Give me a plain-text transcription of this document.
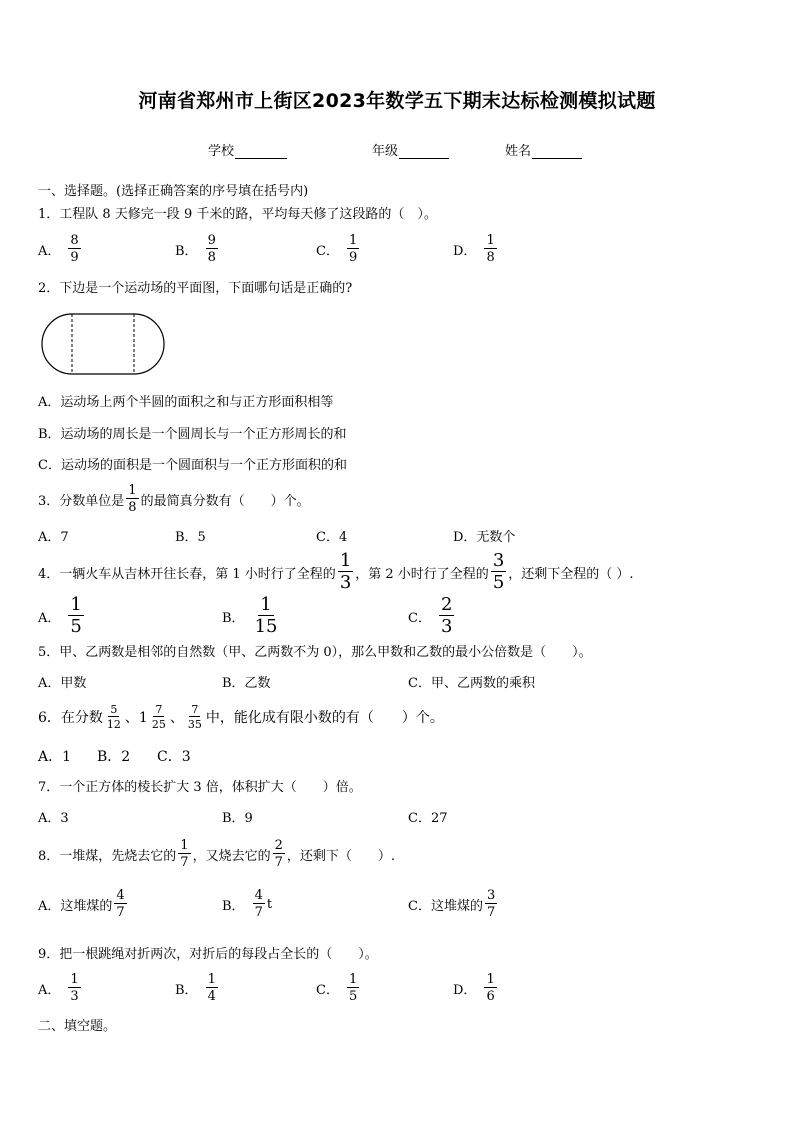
河南省郑州市上街区2023年数学五下期末达标检测模拟试题
学校	年级	姓名
一、选择题。(选择正确答案的序号填在括号内)
1．工程队 8 天修完一段 9 千米的路，平均每天修了这段路的（　）。
A． $\frac{8}{9}$	B． $\frac{9}{8}$	C． $\frac{1}{9}$	D． $\frac{1}{8}$
2．下边是一个运动场的平面图，下面哪句话是正确的?
A．运动场上两个半圆的面积之和与正方形面积相等
B．运动场的周长是一个圆周长与一个正方形周长的和
C．运动场的面积是一个圆面积与一个正方形面积的和
3．分数单位是 $\frac{1}{8}$ 的最简真分数有（　　）个。
A．7	B．5	C．4	D．无数个
4．一辆火车从吉林开往长春，第 1 小时行了全程的 $\frac{1}{3}$ ，第 2 小时行了全程的 $\frac{3}{5}$ ，还剩下全程的（ ）.
A． $\frac{1}{5}$	B． $\frac{1}{15}$	C． $\frac{2}{3}$
5．甲、乙两数是相邻的自然数（甲、乙两数不为 0），那么甲数和乙数的最小公倍数是（　　）。
A．甲数	B．乙数	C．甲、乙两数的乘积
6．在分数 $\frac{5}{12}$ 、$1 \frac{7}{25}$ 、 $\frac{7}{35}$ 中，能化成有限小数的有（　　）个。
A．1 B．2 C．3
7．一个正方体的棱长扩大 3 倍，体积扩大（　　）倍。
A．3	B．9	C．27
8．一堆煤，先烧去它的 $\frac{1}{7}$ ，又烧去它的 $\frac{2}{7}$ ，还剩下（　　）.
A．这堆煤的 $\frac{4}{7}$	B． $\frac{4}{7}$ t	C．这堆煤的 $\frac{3}{7}$
9．把一根跳绳对折两次，对折后的每段占全长的（　　）。
A． $\frac{1}{3}$	B． $\frac{1}{4}$	C． $\frac{1}{5}$	D． $\frac{1}{6}$
二、填空题。
